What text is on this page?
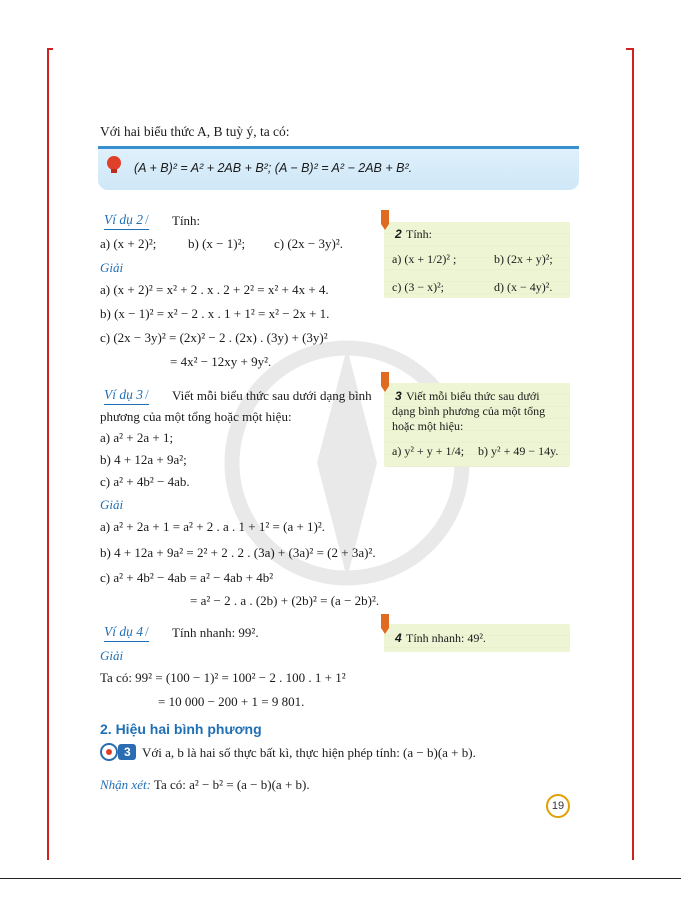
Với hai biểu thức A, B tuỳ ý, ta có:
(A + B)² = A² + 2AB + B²; (A − B)² = A² − 2AB + B².
Ví dụ 2 / Tính:
a) (x + 2)²; b) (x − 1)²; c) (2x − 3y)².
Giải
a) (x + 2)² = x² + 2 . x . 2 + 2² = x² + 4x + 4.
b) (x − 1)² = x² − 2 . x . 1 + 1² = x² − 2x + 1.
c) (2x − 3y)² = (2x)² − 2 . (2x) . (3y) + (3y)²
= 4x² − 12xy + 9y².
2 Tính:
a) (x + 1/2)² ;	b) (2x + y)²;
c) (3 − x)²;	d) (x − 4y)².
Ví dụ 3 / Viết mỗi biểu thức sau dưới dạng bình
phương của một tổng hoặc một hiệu:
a) a² + 2a + 1;
b) 4 + 12a + 9a²;
c) a² + 4b² − 4ab.
Giải
a) a² + 2a + 1 = a² + 2 . a . 1 + 1² = (a + 1)².
b) 4 + 12a + 9a² = 2² + 2 . 2 . (3a) + (3a)² = (2 + 3a)².
c) a² + 4b² − 4ab = a² − 4ab + 4b²
= a² − 2 . a . (2b) + (2b)² = (a − 2b)².
3 Viết mỗi biểu thức sau dưới
dạng bình phương của một tổng
hoặc một hiệu:
a) y² + y + 1/4; b) y² + 49 − 14y.
Ví dụ 4 / Tính nhanh: 99².
Giải
Ta có: 99² = (100 − 1)² = 100² − 2 . 100 . 1 + 1²
= 10 000 − 200 + 1 = 9 801.
4 Tính nhanh: 49².
2. Hiệu hai bình phương
3 Với a, b là hai số thực bất kì, thực hiện phép tính: (a − b)(a + b).
Nhận xét: Ta có: a² − b² = (a − b)(a + b).
19
